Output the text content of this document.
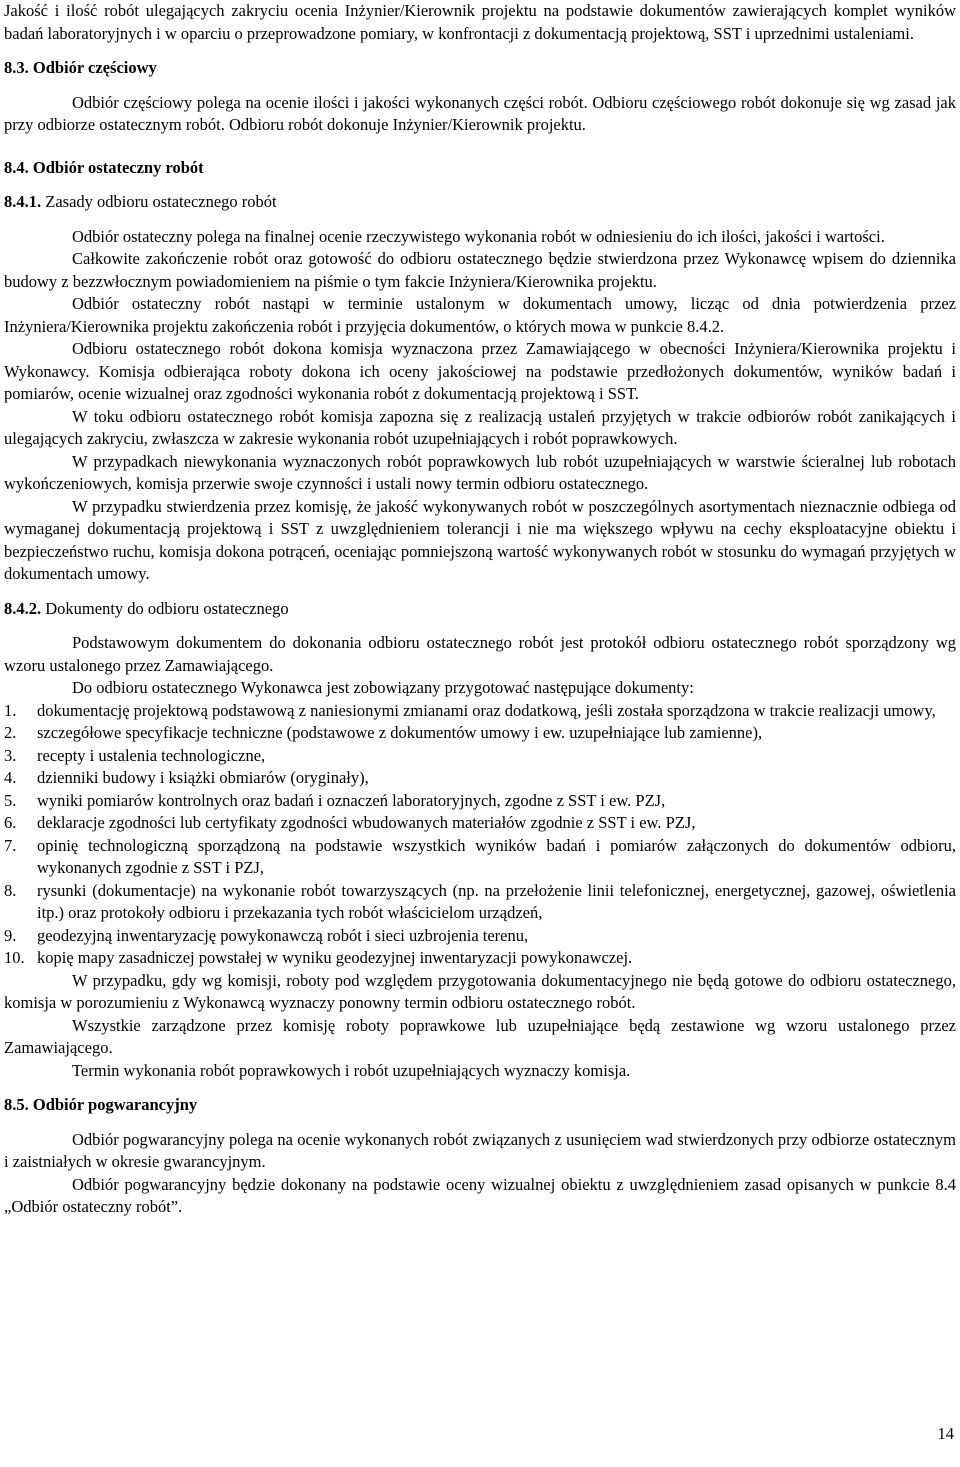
Jakość i ilość robót ulegających zakryciu ocenia Inżynier/Kierownik projektu na podstawie dokumentów zawierających komplet wyników badań laboratoryjnych i w oparciu o przeprowadzone pomiary, w konfrontacji z dokumentacją projektową, SST i uprzednimi ustaleniami.

8.3. Odbiór częściowy

Odbiór częściowy polega na ocenie ilości i jakości wykonanych części robót. Odbioru częściowego robót dokonuje się wg zasad jak przy odbiorze ostatecznym robót. Odbioru robót dokonuje Inżynier/Kierownik projektu.

8.4. Odbiór ostateczny robót

8.4.1. Zasady odbioru ostatecznego robót

Odbiór ostateczny polega na finalnej ocenie rzeczywistego wykonania robót w odniesieniu do ich ilości, jakości i wartości.

Całkowite zakończenie robót oraz gotowość do odbioru ostatecznego będzie stwierdzona przez Wykonawcę wpisem do dziennika budowy z bezzwłocznym powiadomieniem na piśmie o tym fakcie Inżyniera/Kierownika projektu.

Odbiór ostateczny robót nastąpi w terminie ustalonym w dokumentach umowy, licząc od dnia potwierdzenia przez Inżyniera/Kierownika projektu zakończenia robót i przyjęcia dokumentów, o których mowa w punkcie 8.4.2.

Odbioru ostatecznego robót dokona komisja wyznaczona przez Zamawiającego w obecności Inżyniera/Kierownika projektu i Wykonawcy. Komisja odbierająca roboty dokona ich oceny jakościowej na podstawie przedłożonych dokumentów, wyników badań i pomiarów, ocenie wizualnej oraz zgodności wykonania robót z dokumentacją projektową i SST.

W toku odbioru ostatecznego robót komisja zapozna się z realizacją ustaleń przyjętych w trakcie odbiorów robót zanikających i ulegających zakryciu, zwłaszcza w zakresie wykonania robót uzupełniających i robót poprawkowych.

W przypadkach niewykonania wyznaczonych robót poprawkowych lub robót uzupełniających w warstwie ścieralnej lub robotach wykończeniowych, komisja przerwie swoje czynności i ustali nowy termin odbioru ostatecznego.

W przypadku stwierdzenia przez komisję, że jakość wykonywanych robót w poszczególnych asortymentach nieznacznie odbiega od wymaganej dokumentacją projektową i SST z uwzględnieniem tolerancji i nie ma większego wpływu na cechy eksploatacyjne obiektu i bezpieczeństwo ruchu, komisja dokona potrąceń, oceniając pomniejszoną wartość wykonywanych robót w stosunku do wymagań przyjętych w dokumentach umowy.

8.4.2. Dokumenty do odbioru ostatecznego

Podstawowym dokumentem do dokonania odbioru ostatecznego robót jest protokół odbioru ostatecznego robót sporządzony wg wzoru ustalonego przez Zamawiającego.

Do odbioru ostatecznego Wykonawca jest zobowiązany przygotować następujące dokumenty:

1. dokumentację projektową podstawową z naniesionymi zmianami oraz dodatkową, jeśli została sporządzona w trakcie realizacji umowy,
2. szczegółowe specyfikacje techniczne (podstawowe z dokumentów umowy i ew. uzupełniające lub zamienne),
3. recepty i ustalenia technologiczne,
4. dzienniki budowy i książki obmiarów (oryginały),
5. wyniki pomiarów kontrolnych oraz badań i oznaczeń laboratoryjnych, zgodne z SST i ew. PZJ,
6. deklaracje zgodności lub certyfikaty zgodności wbudowanych materiałów zgodnie z SST i ew. PZJ,
7. opinię technologiczną sporządzoną na podstawie wszystkich wyników badań i pomiarów załączonych do dokumentów odbioru, wykonanych zgodnie z SST i PZJ,
8. rysunki (dokumentacje) na wykonanie robót towarzyszących (np. na przełożenie linii telefonicznej, energetycznej, gazowej, oświetlenia itp.) oraz protokoły odbioru i przekazania tych robót właścicielom urządzeń,
9. geodezyjną inwentaryzację powykonawczą robót i sieci uzbrojenia terenu,
10. kopię mapy zasadniczej powstałej w wyniku geodezyjnej inwentaryzacji powykonawczej.

W przypadku, gdy wg komisji, roboty pod względem przygotowania dokumentacyjnego nie będą gotowe do odbioru ostatecznego, komisja w porozumieniu z Wykonawcą wyznaczy ponowny termin odbioru ostatecznego robót.

Wszystkie zarządzone przez komisję roboty poprawkowe lub uzupełniające będą zestawione wg wzoru ustalonego przez Zamawiającego.

Termin wykonania robót poprawkowych i robót uzupełniających wyznaczy komisja.

8.5. Odbiór pogwarancyjny

Odbiór pogwarancyjny polega na ocenie wykonanych robót związanych z usunięciem wad stwierdzonych przy odbiorze ostatecznym i zaistniałych w okresie gwarancyjnym.

Odbiór pogwarancyjny będzie dokonany na podstawie oceny wizualnej obiektu z uwzględnieniem zasad opisanych w punkcie 8.4 „Odbiór ostateczny robót”.

14
